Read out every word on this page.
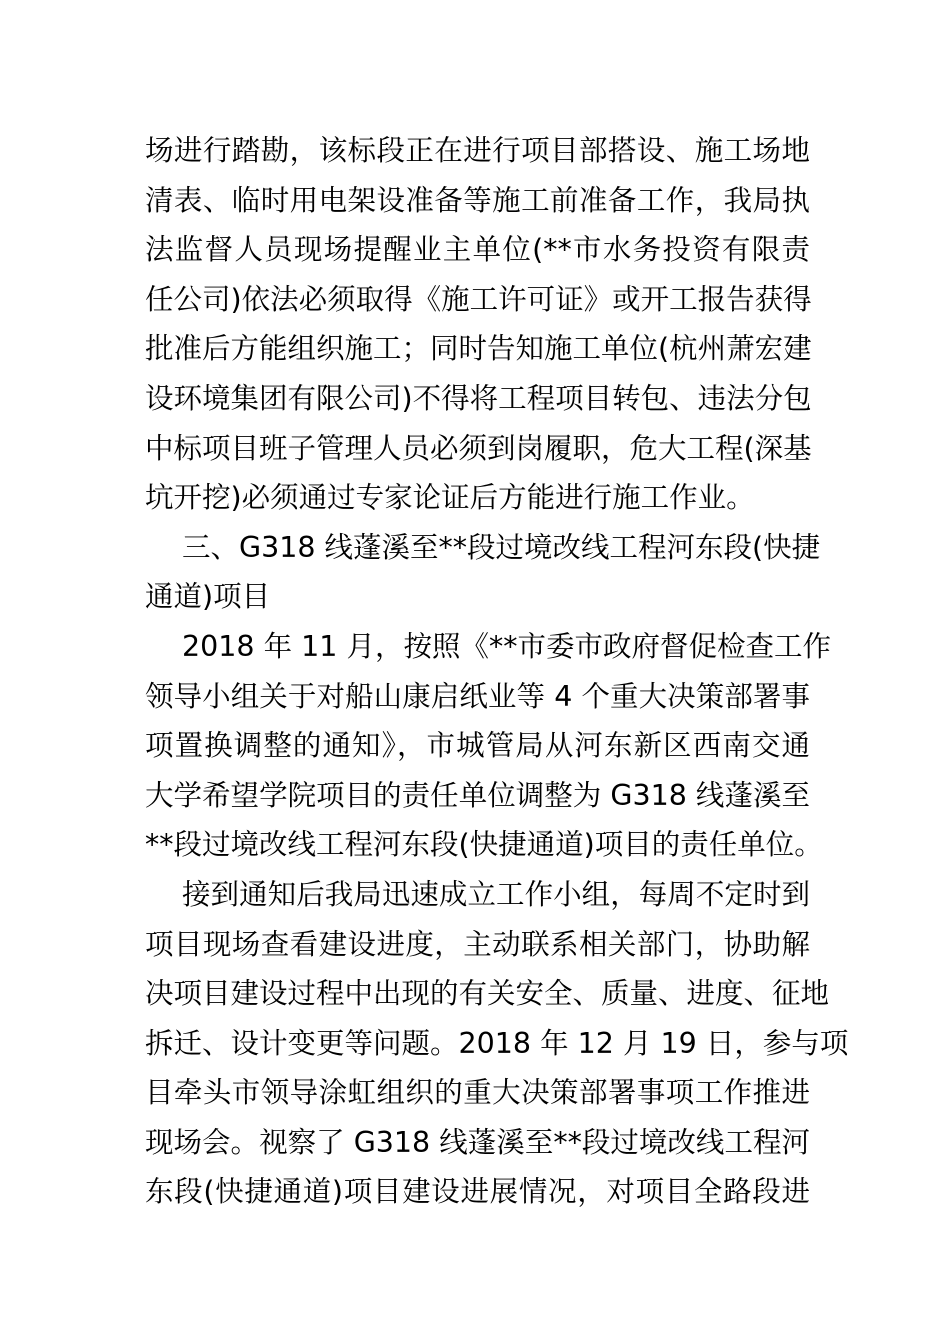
场进行踏勘，该标段正在进行项目部搭设、施工场地
清表、临时用电架设准备等施工前准备工作，我局执
法监督人员现场提醒业主单位(**市水务投资有限责
任公司)依法必须取得《施工许可证》或开工报告获得
批准后方能组织施工；同时告知施工单位(杭州萧宏建
设环境集团有限公司)不得将工程项目转包、违法分包
中标项目班子管理人员必须到岗履职，危大工程(深基
坑开挖)必须通过专家论证后方能进行施工作业。
三、G318 线蓬溪至**段过境改线工程河东段(快捷
通道)项目
2018 年 11 月，按照《**市委市政府督促检查工作
领导小组关于对船山康启纸业等 4 个重大决策部署事
项置换调整的通知》，市城管局从河东新区西南交通
大学希望学院项目的责任单位调整为 G318 线蓬溪至
**段过境改线工程河东段(快捷通道)项目的责任单位。
接到通知后我局迅速成立工作小组，每周不定时到
项目现场查看建设进度，主动联系相关部门，协助解
决项目建设过程中出现的有关安全、质量、进度、征地
拆迁、设计变更等问题。2018 年 12 月 19 日，参与项
目牵头市领导涂虹组织的重大决策部署事项工作推进
现场会。视察了 G318 线蓬溪至**段过境改线工程河
东段(快捷通道)项目建设进展情况，对项目全路段进
